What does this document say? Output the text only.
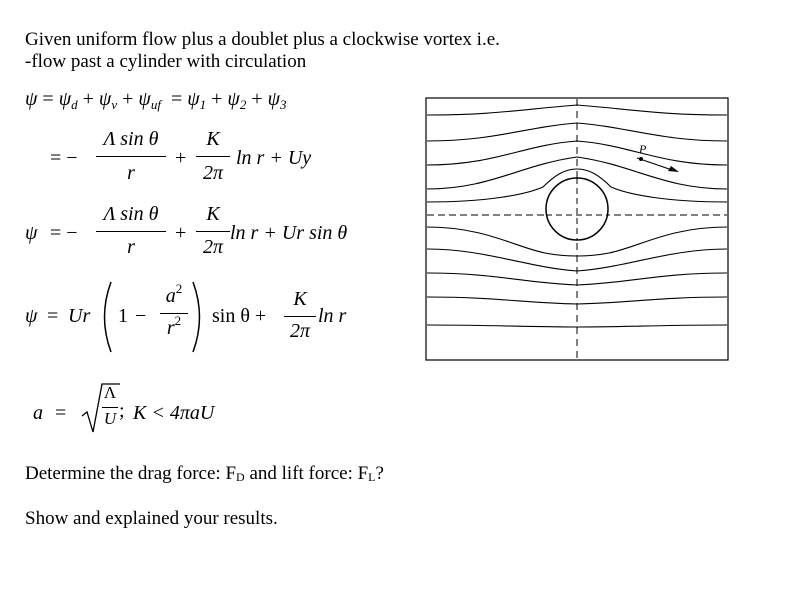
Given uniform flow plus a doublet plus a clockwise vortex i.e.
-flow past a cylinder with circulation
$\psi = \psi_d + \psi_v + \psi_{uf} = \psi_1 + \psi_2 + \psi_3$
= −
Λ sin θ
r
+
K
2π
ln r + Uy
ψ = −
Λ sin θ
r
+
K
2π
ln r + Ur sin θ
ψ = Ur 1 −
$a^2$
$r^2$	sin θ +
K
2π
ln r
a =
Λ
U ; K < 4πaU
Determine the drag force: $F_D$ and lift force: $F_L$?
Show and explained your results.
P
